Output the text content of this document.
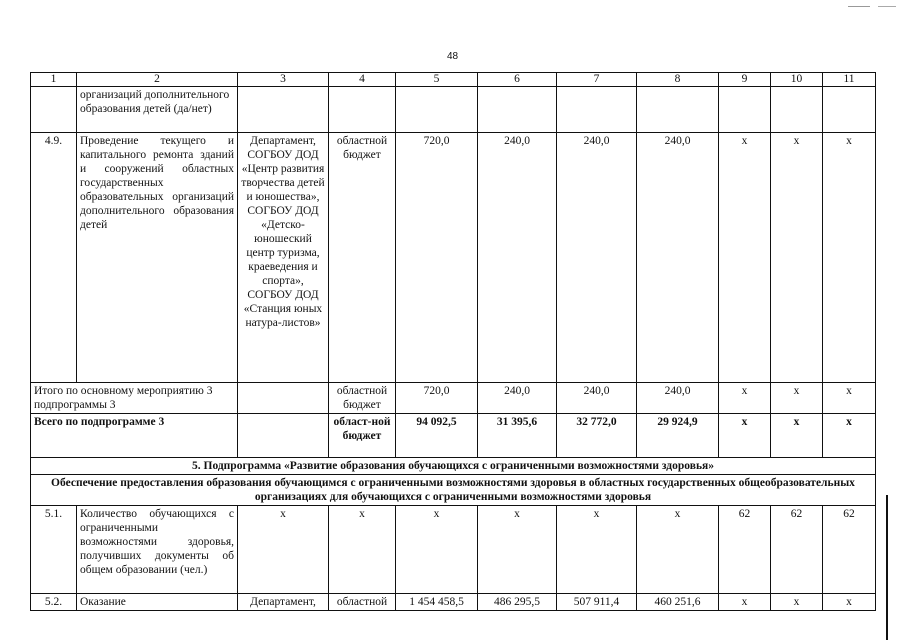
48
1	2	3	4	5	6	7	8	9	10	11
	организаций дополнительного образования детей (да/нет)									
4.9.	Проведение текущего и капитального ремонта зданий и сооружений областных государственных образовательных организаций дополнительного образования детей	Департамент, СОГБОУ ДОД «Центр развития творчества детей и юношества», СОГБОУ ДОД «Детско-юношеский центр туризма, краеведения и спорта», СОГБОУ ДОД «Станция юных натура-листов»	областной бюджет	720,0	240,0	240,0	240,0	х	х	х
Итого по основному мероприятию 3 подпрограммы 3			областной бюджет	720,0	240,0	240,0	240,0	х	х	х
Всего по подпрограмме 3			област-ной бюджет	94 092,5	31 395,6	32 772,0	29 924,9	х	х	х
5. Подпрограмма «Развитие образования обучающихся с ограниченными возможностями здоровья»										
Обеспечение предоставления образования обучающимся с ограниченными возможностями здоровья в областных государственных общеобразовательных организациях для обучающихся с ограниченными возможностями здоровья										
5.1.	Количество обучающихся с ограниченными возможностями здоровья, получивших документы об общем образовании (чел.)	х	х	х	х	х	х	62	62	62
5.2.	Оказание	Департамент,	областной	1 454 458,5	486 295,5	507 911,4	460 251,6	х	х	х
